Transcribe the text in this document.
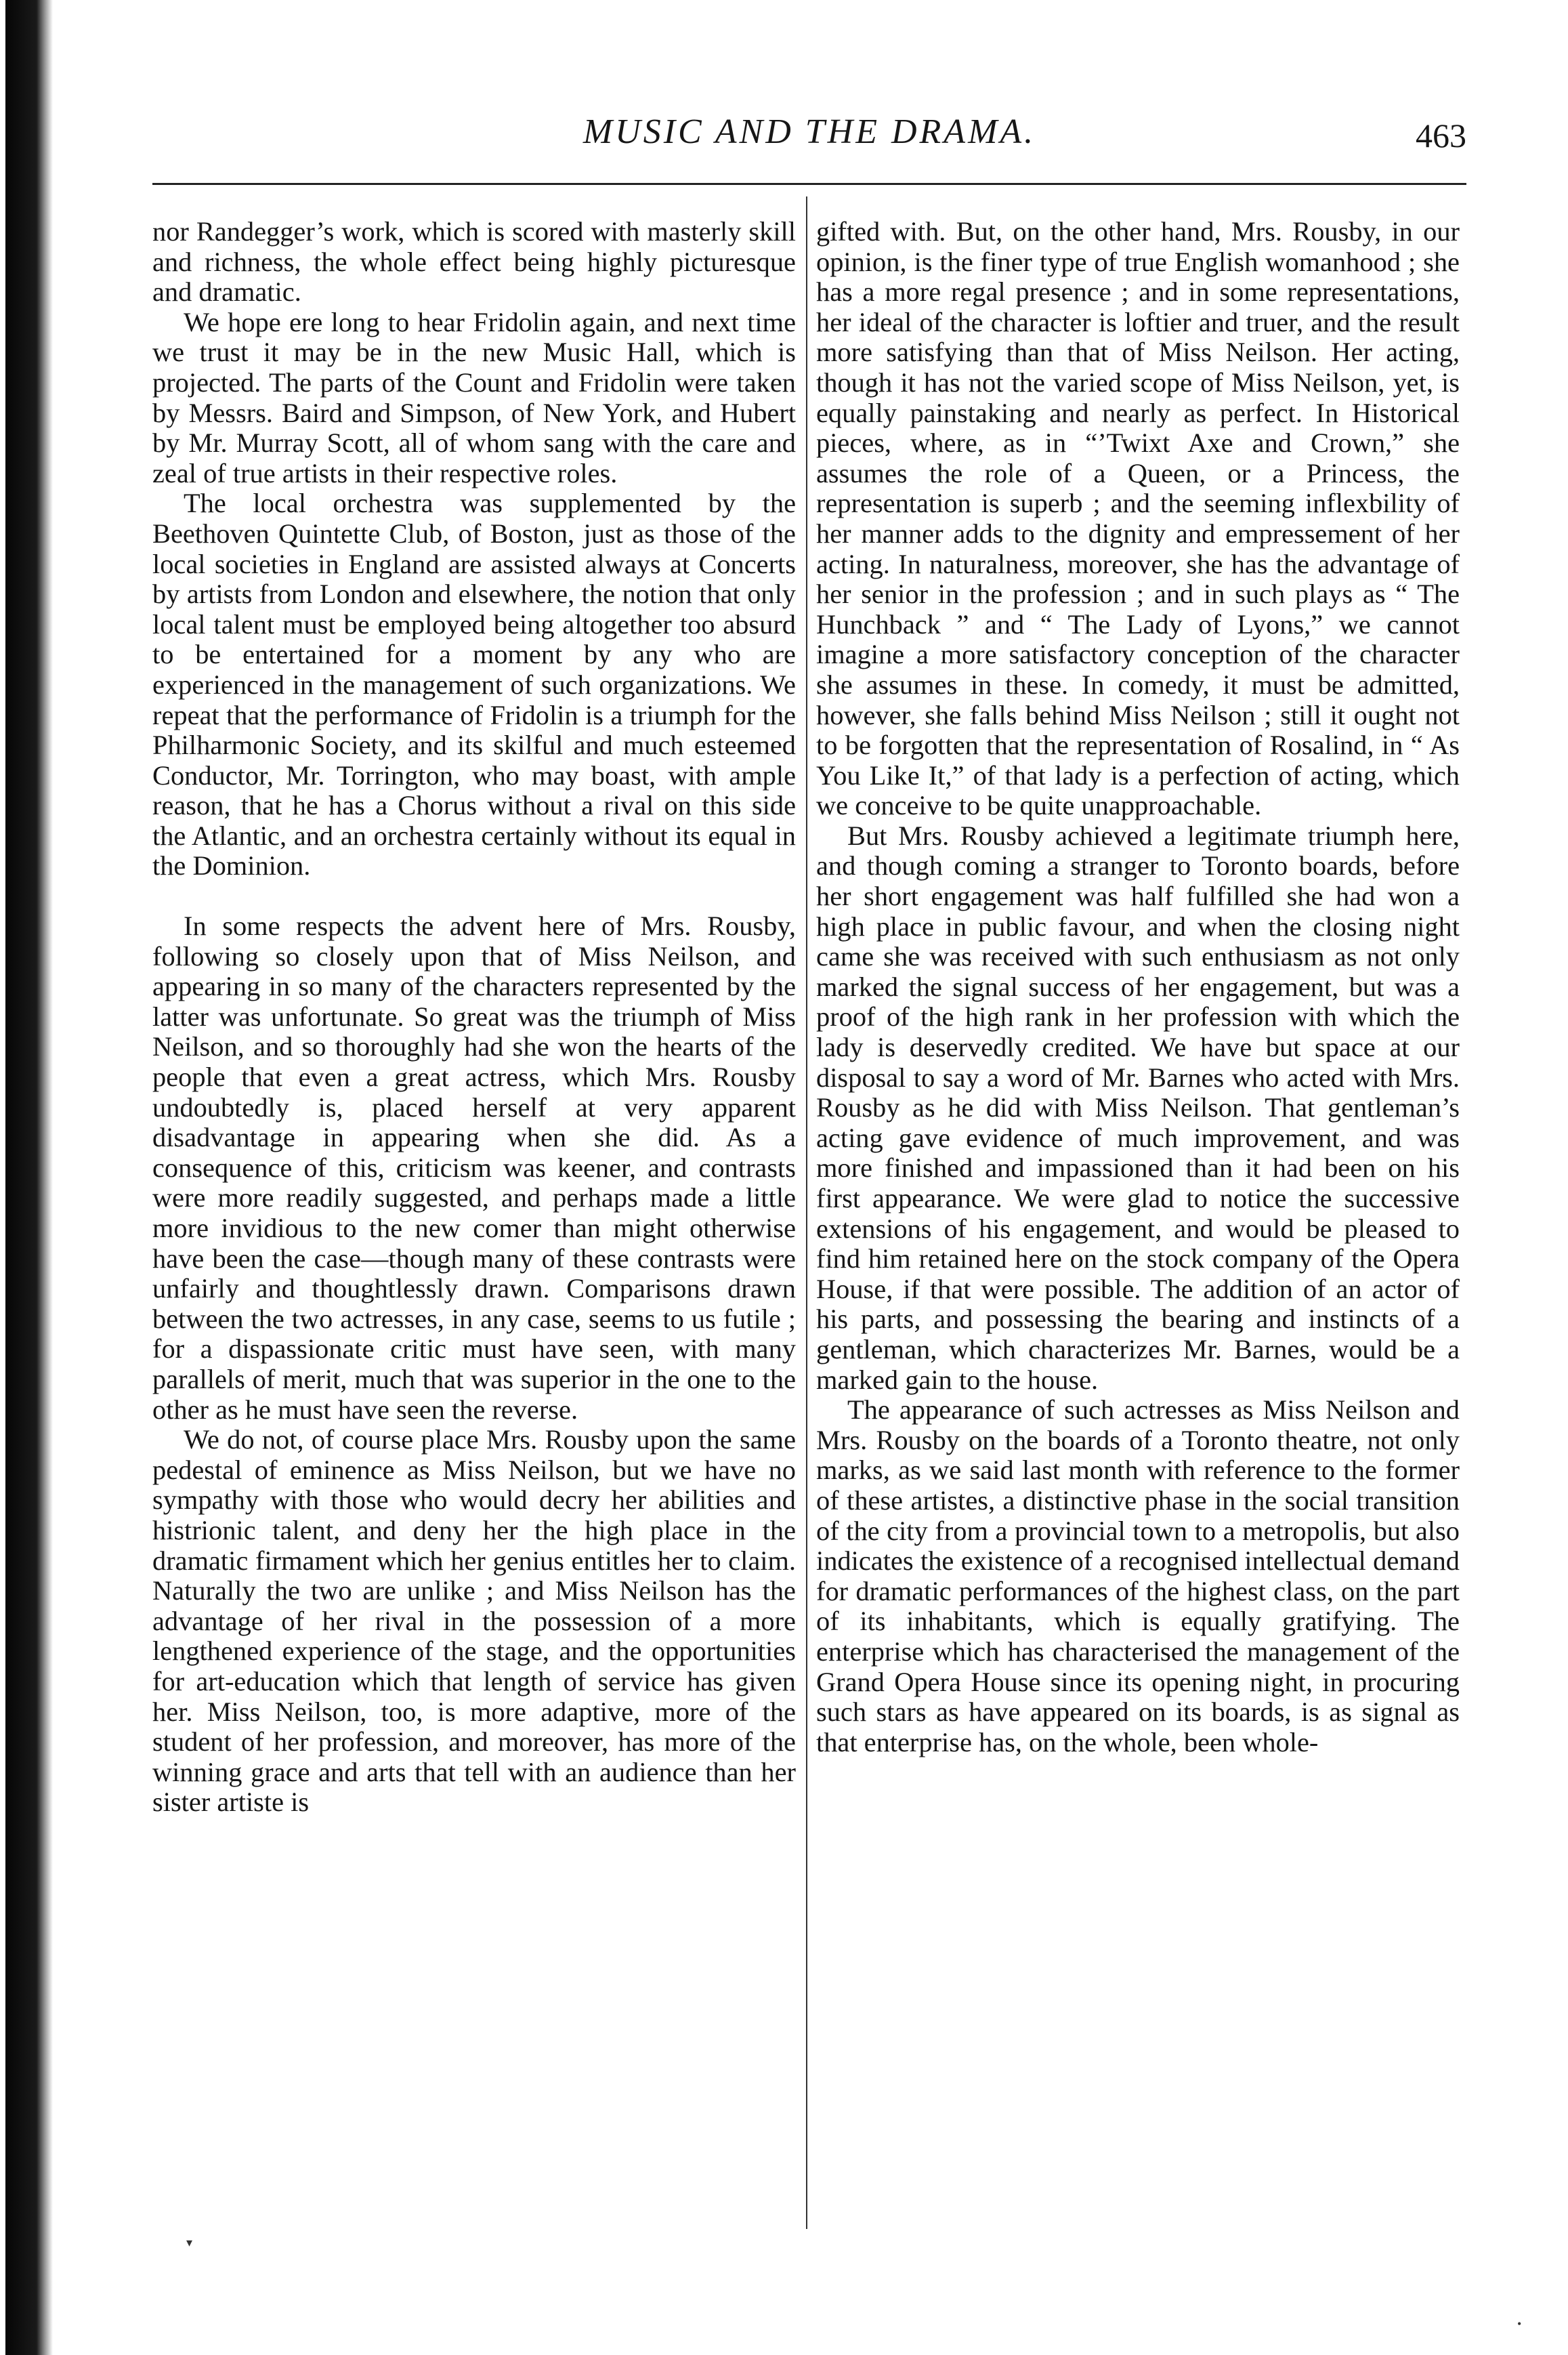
MUSIC AND THE DRAMA.	463

nor Randegger’s work, which is scored with masterly skill and richness, the whole effect being highly picturesque and dramatic.

We hope ere long to hear Fridolin again, and next time we trust it may be in the new Music Hall, which is projected. The parts of the Count and Fridolin were taken by Messrs. Baird and Simpson, of New York, and Hubert by Mr. Murray Scott, all of whom sang with the care and zeal of true artists in their respective roles.

The local orchestra was supplemented by the Beethoven Quintette Club, of Boston, just as those of the local societies in England are assisted always at Concerts by artists from London and elsewhere, the notion that only local talent must be employed being altogether too absurd to be entertained for a moment by any who are experienced in the management of such organizations. We repeat that the performance of Fridolin is a triumph for the Philharmonic Society, and its skilful and much esteemed Conductor, Mr. Torrington, who may boast, with ample reason, that he has a Chorus without a rival on this side the Atlantic, and an orchestra certainly without its equal in the Dominion.

In some respects the advent here of Mrs. Rousby, following so closely upon that of Miss Neilson, and appearing in so many of the characters represented by the latter was unfortunate. So great was the triumph of Miss Neilson, and so thoroughly had she won the hearts of the people that even a great actress, which Mrs. Rousby undoubtedly is, placed herself at very apparent disadvantage in appearing when she did. As a consequence of this, criticism was keener, and contrasts were more readily suggested, and perhaps made a little more invidious to the new comer than might otherwise have been the case—though many of these contrasts were unfairly and thoughtlessly drawn. Comparisons drawn between the two actresses, in any case, seems to us futile ; for a dispassionate critic must have seen, with many parallels of merit, much that was superior in the one to the other as he must have seen the reverse.

We do not, of course place Mrs. Rousby upon the same pedestal of eminence as Miss Neilson, but we have no sympathy with those who would decry her abilities and histrionic talent, and deny her the high place in the dramatic firmament which her genius entitles her to claim. Naturally the two are unlike ; and Miss Neilson has the advantage of her rival in the possession of a more lengthened experience of the stage, and the opportunities for art-education which that length of service has given her. Miss Neilson, too, is more adaptive, more of the student of her profession, and moreover, has more of the winning grace and arts that tell with an audience than her sister artiste is

gifted with. But, on the other hand, Mrs. Rousby, in our opinion, is the finer type of true English womanhood ; she has a more regal presence ; and in some representations, her ideal of the character is loftier and truer, and the result more satisfying than that of Miss Neilson. Her acting, though it has not the varied scope of Miss Neilson, yet, is equally painstaking and nearly as perfect. In Historical pieces, where, as in “’Twixt Axe and Crown,” she assumes the role of a Queen, or a Princess, the representation is superb ; and the seeming inflexbility of her manner adds to the dignity and empressement of her acting. In naturalness, moreover, she has the advantage of her senior in the profession ; and in such plays as “ The Hunchback ” and “ The Lady of Lyons,” we cannot imagine a more satisfactory conception of the character she assumes in these. In comedy, it must be admitted, however, she falls behind Miss Neilson ; still it ought not to be forgotten that the representation of Rosalind, in “ As You Like It,” of that lady is a perfection of acting, which we conceive to be quite unapproachable.

But Mrs. Rousby achieved a legitimate triumph here, and though coming a stranger to Toronto boards, before her short engagement was half fulfilled she had won a high place in public favour, and when the closing night came she was received with such enthusiasm as not only marked the signal success of her engagement, but was a proof of the high rank in her profession with which the lady is deservedly credited. We have but space at our disposal to say a word of Mr. Barnes who acted with Mrs. Rousby as he did with Miss Neilson. That gentleman’s acting gave evidence of much improvement, and was more finished and impassioned than it had been on his first appearance. We were glad to notice the successive extensions of his engagement, and would be pleased to find him retained here on the stock company of the Opera House, if that were possible. The addition of an actor of his parts, and possessing the bearing and instincts of a gentleman, which characterizes Mr. Barnes, would be a marked gain to the house.

The appearance of such actresses as Miss Neilson and Mrs. Rousby on the boards of a Toronto theatre, not only marks, as we said last month with reference to the former of these artistes, a distinctive phase in the social transition of the city from a provincial town to a metropolis, but also indicates the existence of a recognised intellectual demand for dramatic performances of the highest class, on the part of its inhabitants, which is equally gratifying. The enterprise which has characterised the management of the Grand Opera House since its opening night, in procuring such stars as have appeared on its boards, is as signal as that enterprise has, on the whole, been whole-

▾
•
